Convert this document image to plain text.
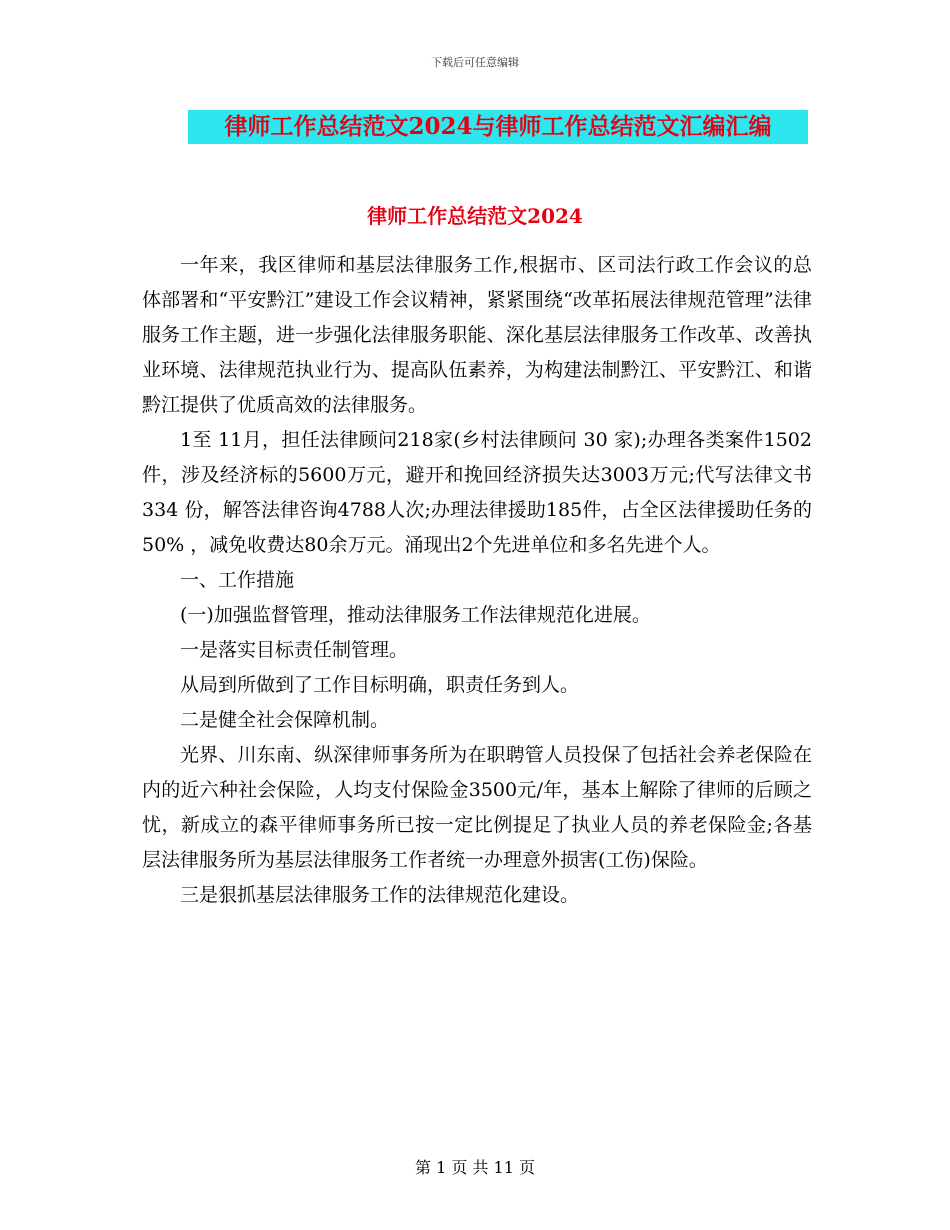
下载后可任意编辑
律师工作总结范文2024与律师工作总结范文汇编汇编
律师工作总结范文2024

一年来，我区律师和基层法律服务工作,根据市、区司法行政工作会议的总体部署和“平安黔江”建设工作会议精神，紧紧围绕“改革拓展法律规范管理”法律服务工作主题，进一步强化法律服务职能、深化基层法律服务工作改革、改善执业环境、法律规范执业行为、提高队伍素养，为构建法制黔江、平安黔江、和谐黔江提供了优质高效的法律服务。

1至 11月，担任法律顾问218家(乡村法律顾问 30 家);办理各类案件1502 件，涉及经济标的5600万元，避开和挽回经济损失达3003万元;代写法律文书334 份，解答法律咨询4788人次;办理法律援助185件，占全区法律援助任务的50% ，减免收费达80余万元。涌现出2个先进单位和多名先进个人。

一、工作措施

(一)加强监督管理，推动法律服务工作法律规范化进展。

一是落实目标责任制管理。

从局到所做到了工作目标明确，职责任务到人。

二是健全社会保障机制。

光界、川东南、纵深律师事务所为在职聘管人员投保了包括社会养老保险在内的近六种社会保险，人均支付保险金3500元/年，基本上解除了律师的后顾之忧，新成立的森平律师事务所已按一定比例提足了执业人员的养老保险金;各基层法律服务所为基层法律服务工作者统一办理意外损害(工伤)保险。

三是狠抓基层法律服务工作的法律规范化建设。

第 1 页 共 11 页
